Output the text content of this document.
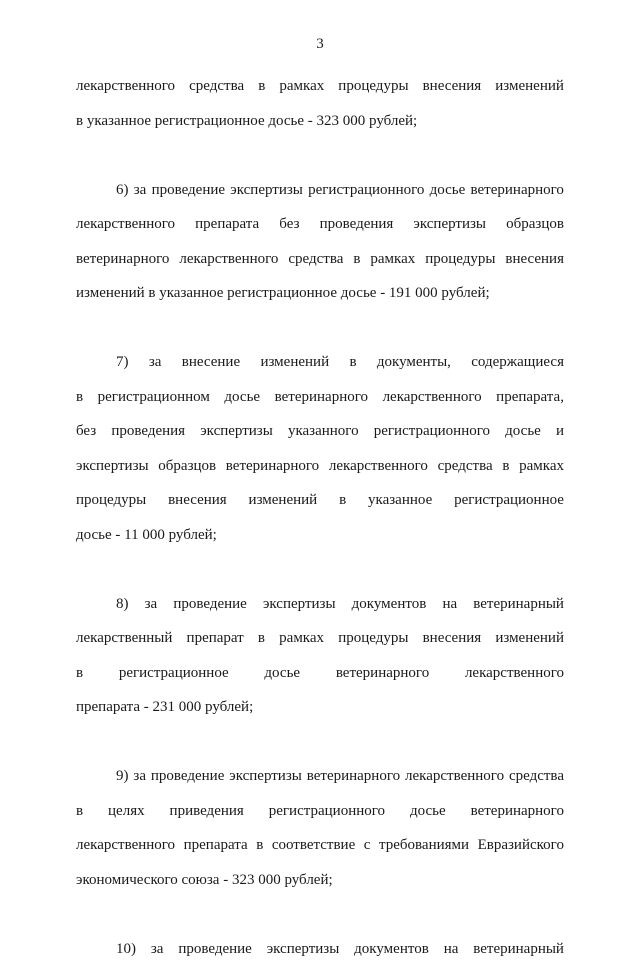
3
лекарственного средства в рамках процедуры внесения изменений
в указанное регистрационное досье - 323 000 рублей;
6) за проведение экспертизы регистрационного досье ветеринарного
лекарственного препарата без проведения экспертизы образцов
ветеринарного лекарственного средства в рамках процедуры внесения
изменений в указанное регистрационное досье - 191 000 рублей;
7) за внесение изменений в документы, содержащиеся
в регистрационном досье ветеринарного лекарственного препарата,
без проведения экспертизы указанного регистрационного досье и
экспертизы образцов ветеринарного лекарственного средства в рамках
процедуры внесения изменений в указанное регистрационное
досье - 11 000 рублей;
8) за проведение экспертизы документов на ветеринарный
лекарственный препарат в рамках процедуры внесения изменений
в регистрационное досье ветеринарного лекарственного
препарата - 231 000 рублей;
9) за проведение экспертизы ветеринарного лекарственного средства
в целях приведения регистрационного досье ветеринарного
лекарственного препарата в соответствие с требованиями Евразийского
экономического союза - 323 000 рублей;
10) за проведение экспертизы документов на ветеринарный
